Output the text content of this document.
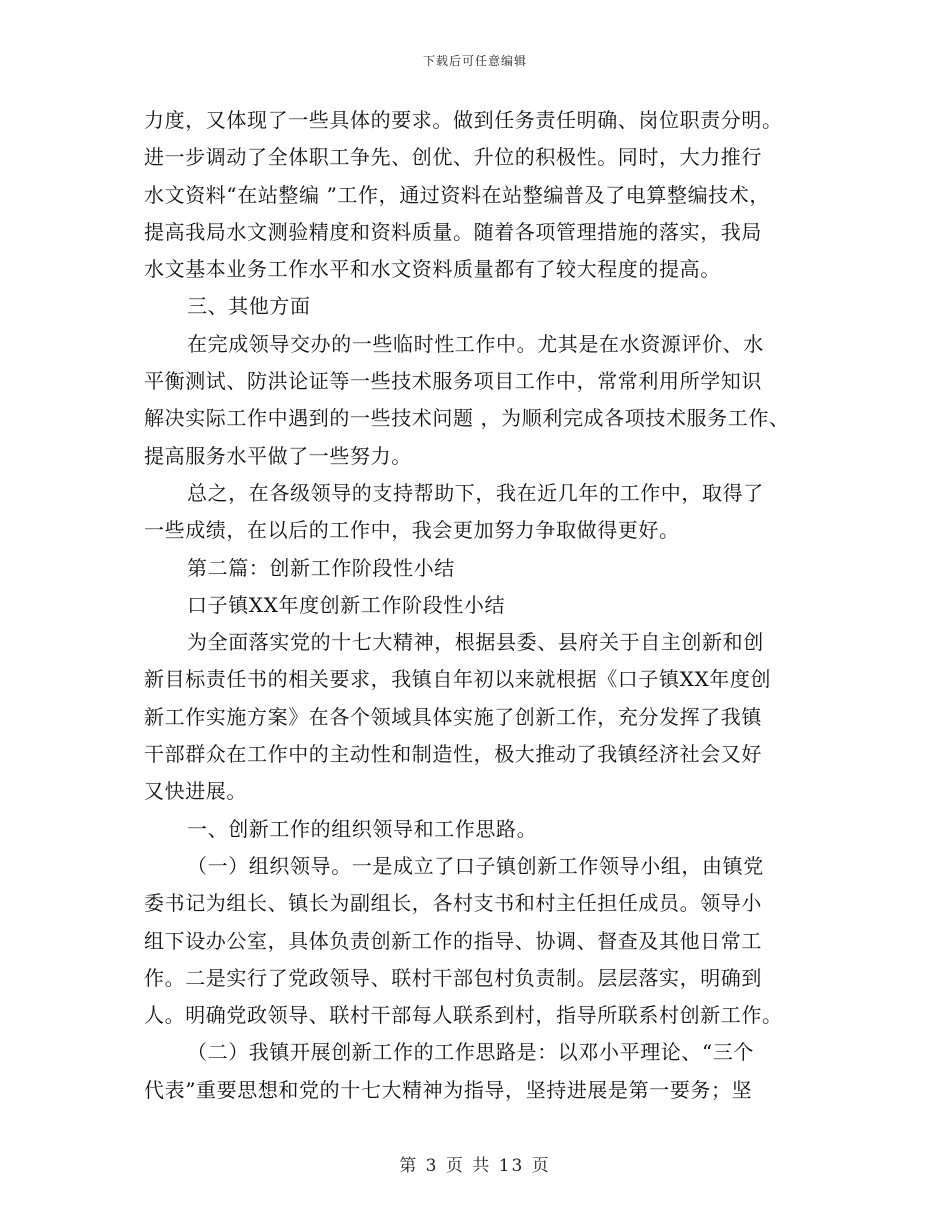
下载后可任意编辑
力度，又体现了一些具体的要求。做到任务责任明确、岗位职责分明。
进一步调动了全体职工争先、创优、升位的积极性。同时，大力推行
水文资料“在站整编 ”工作，通过资料在站整编普及了电算整编技术，
提高我局水文测验精度和资料质量。随着各项管理措施的落实，我局
水文基本业务工作水平和水文资料质量都有了较大程度的提高。
三、其他方面
在完成领导交办的一些临时性工作中。尤其是在水资源评价、水
平衡测试、防洪论证等一些技术服务项目工作中，常常利用所学知识
解决实际工作中遇到的一些技术问题 ，为顺利完成各项技术服务工作、
提高服务水平做了一些努力。
总之，在各级领导的支持帮助下，我在近几年的工作中，取得了
一些成绩，在以后的工作中，我会更加努力争取做得更好。
第二篇：创新工作阶段性小结
口子镇XX年度创新工作阶段性小结
为全面落实党的十七大精神，根据县委、县府关于自主创新和创
新目标责任书的相关要求，我镇自年初以来就根据《口子镇XX年度创
新工作实施方案》在各个领域具体实施了创新工作，充分发挥了我镇
干部群众在工作中的主动性和制造性，极大推动了我镇经济社会又好
又快进展。
一、创新工作的组织领导和工作思路。
（一）组织领导。一是成立了口子镇创新工作领导小组，由镇党
委书记为组长、镇长为副组长，各村支书和村主任担任成员。领导小
组下设办公室，具体负责创新工作的指导、协调、督查及其他日常工
作。二是实行了党政领导、联村干部包村负责制。层层落实，明确到
人。明确党政领导、联村干部每人联系到村，指导所联系村创新工作。
（二）我镇开展创新工作的工作思路是：以邓小平理论、“三个
代表”重要思想和党的十七大精神为指导，坚持进展是第一要务；坚
第 3 页 共 13 页
